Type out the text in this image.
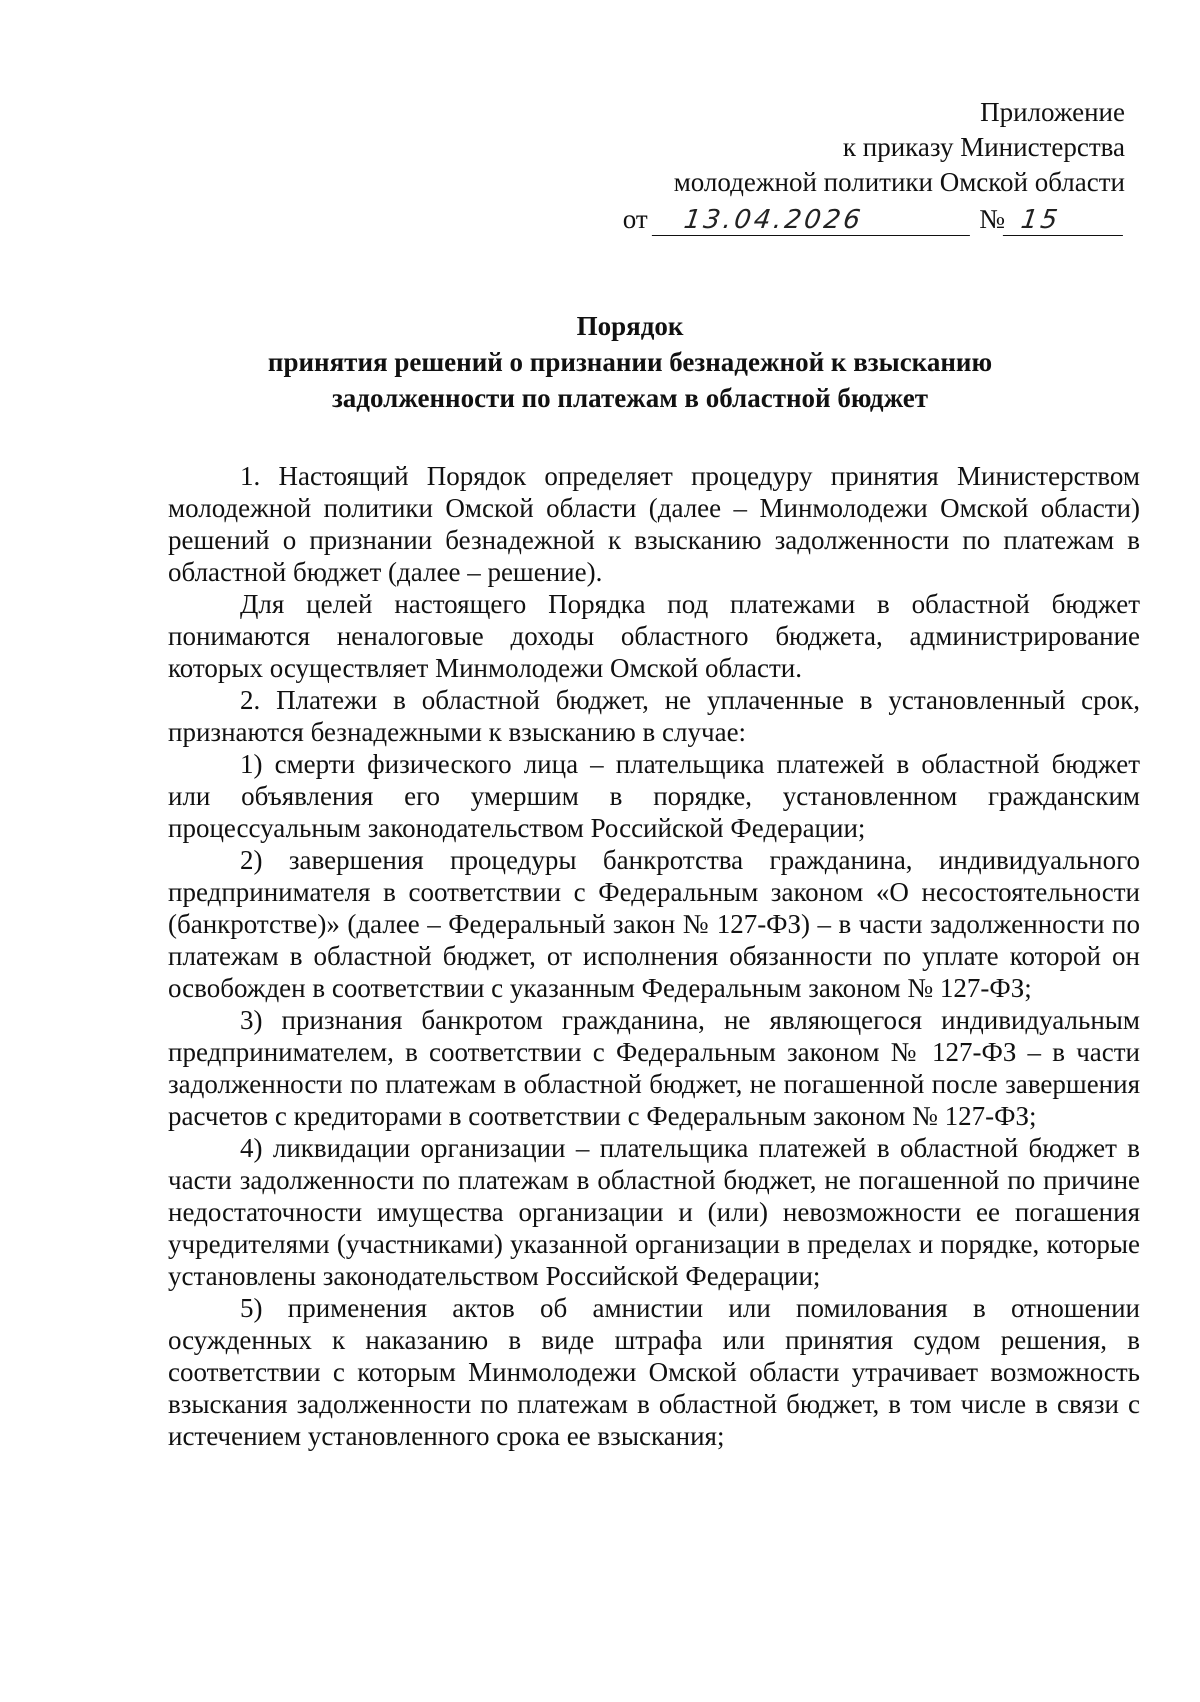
Приложение
к приказу Министерства
молодежной политики Омской области
от 13.04.2026	№ 15
Порядок
принятия решений о признании безнадежной к взысканию
задолженности по платежам в областной бюджет

1. Настоящий Порядок определяет процедуру принятия Министерством молодежной политики Омской области (далее – Минмолодежи Омской области) решений о признании безнадежной к взысканию задолженности по платежам в областной бюджет (далее – решение).

Для целей настоящего Порядка под платежами в областной бюджет понимаются неналоговые доходы областного бюджета, администрирование которых осуществляет Минмолодежи Омской области.

2. Платежи в областной бюджет, не уплаченные в установленный срок, признаются безнадежными к взысканию в случае:

1) смерти физического лица – плательщика платежей в областной бюджет или объявления его умершим в порядке, установленном гражданским процессуальным законодательством Российской Федерации;

2) завершения процедуры банкротства гражданина, индивидуального предпринимателя в соответствии с Федеральным законом «О несостоятельности (банкротстве)» (далее – Федеральный закон № 127-ФЗ) – в части задолженности по платежам в областной бюджет, от исполнения обязанности по уплате которой он освобожден в соответствии с указанным Федеральным законом № 127-ФЗ;

3) признания банкротом гражданина, не являющегося индивидуальным предпринимателем, в соответствии с Федеральным законом № 127-ФЗ – в части задолженности по платежам в областной бюджет, не погашенной после завершения расчетов с кредиторами в соответствии с Федеральным законом № 127-ФЗ;

4) ликвидации организации – плательщика платежей в областной бюджет в части задолженности по платежам в областной бюджет, не погашенной по причине недостаточности имущества организации и (или) невозможности ее погашения учредителями (участниками) указанной организации в пределах и порядке, которые установлены законодательством Российской Федерации;

5) применения актов об амнистии или помилования в отношении осужденных к наказанию в виде штрафа или принятия судом решения, в соответствии с которым Минмолодежи Омской области утрачивает возможность взыскания задолженности по платежам в областной бюджет, в том числе в связи с истечением установленного срока ее взыскания;
